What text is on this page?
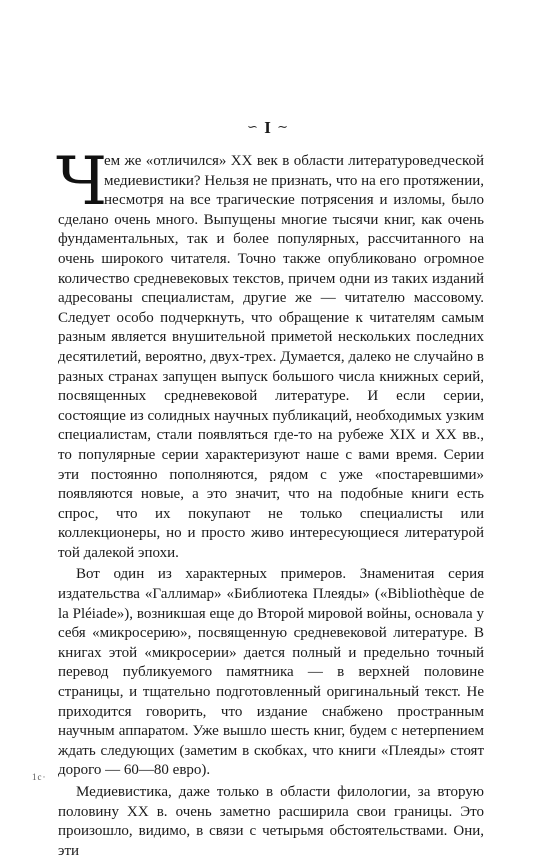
∽ I ∼

Ч
ем же «отличился» XX век в области литературоведческой медиевистики? Нельзя не признать, что на его протяжении, несмотря на все трагические потрясения и изломы, было сделано очень много. Выпущены многие тысячи книг, как очень фундаментальных, так и более популярных, рассчитанного на очень широкого читателя. Точно также опубликовано огромное количество средневековых текстов, причем одни из таких изданий адресованы специалистам, другие же — читателю массовому. Следует особо подчеркнуть, что обращение к читателям самым разным является внушительной приметой нескольких последних десятилетий, вероятно, двух-трех. Думается, далеко не случайно в разных странах запущен выпуск большого числа книжных серий, посвященных средневековой литературе. И если серии, состоящие из солидных научных публикаций, необходимых узким специалистам, стали появляться где-то на рубеже XIX и XX вв., то популярные серии характеризуют наше с вами время. Серии эти постоянно пополняются, рядом с уже «постаревшими» появляются новые, а это значит, что на подобные книги есть спрос, что их покупают не только специалисты или коллекционеры, но и просто живо интересующиеся литературой той далекой эпохи.

Вот один из характерных примеров. Знаменитая серия издательства «Галлимар» «Библиотека Плеяды» («Bibliothèque de la Pléiade»), возникшая еще до Второй мировой войны, основала у себя «микросерию», посвященную средневековой литературе. В книгах этой «микросерии» дается полный и предельно точный перевод публикуемого памятника — в верхней половине страницы, и тщательно подготовленный оригинальный текст. Не приходится говорить, что издание снабжено пространным научным аппаратом. Уже вышло шесть книг, будем с нетерпением ждать следующих (заметим в скобках, что книги «Плеяды» стоят дорого — 60—80 евро).

Медиевистика, даже только в области филологии, за вторую половину XX в. очень заметно расширила свои границы. Это произошло, видимо, в связи с четырьмя обстоятельствами. Они, эти

1с·
